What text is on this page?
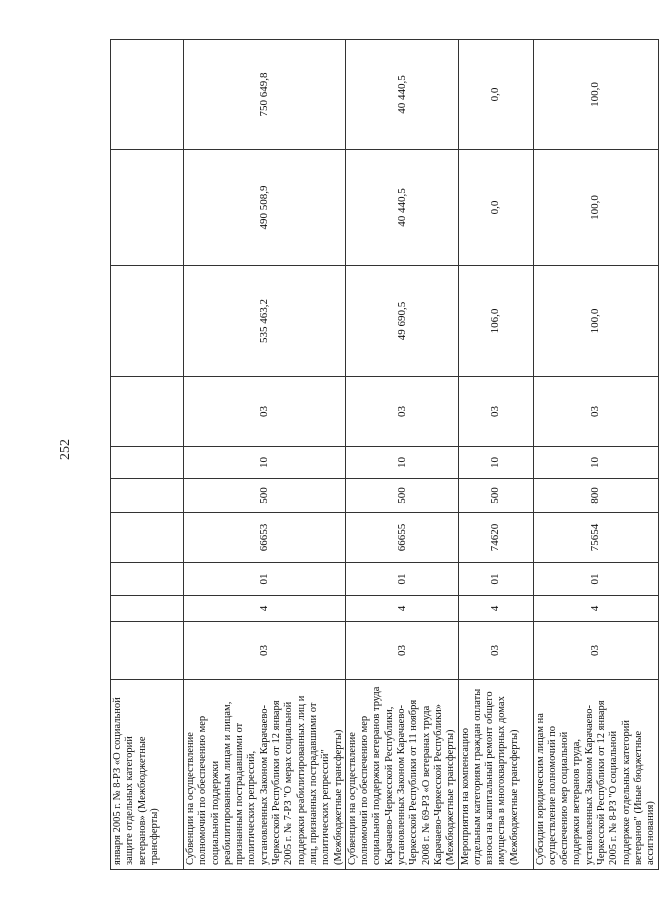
252
января 2005 г. № 8-РЗ «О социальной защите отдельных категорий ветеранов» (Межбюджетные трансферты)										

Субвенции на осуществление полномочий по обеспечению мер социальной поддержки реабилитированным лицам и лицам, признанным пострадавшими от политических репрессий, установленных Законом Карачаево-Черкесской Республики от 12 января 2005 г. № 7-РЗ "О мерах социальной поддержки реабилитированных лиц и лиц, признанных пострадавшими от политических репрессий" (Межбюджетные трансферты)	03	4	01	66653	500	10	03	535 463,2	490 508,9	750 649,8

Субвенции на осуществление полномочий по обеспечению мер социальной поддержки ветеранов труда Карачаево-Черкесской Республики, установленных Законом Карачаево-Черкесской Республики от 11 ноября 2008 г. № 69-РЗ «О ветеранах труда Карачаево-Черкесской Республики» (Межбюджетные трансферты)	03	4	01	66655	500	10	03	49 690,5	40 440,5	40 440,5

Мероприятия на компенсацию отдельным категориям граждан оплаты взноса на капитальный ремонт общего имущества в многоквартирных домах (Межбюджетные трансферты)	03	4	01	74620	500	10	03	106,0	0,0	0,0

Субсидии юридическим лицам на осуществление полномочий по обеспечению мер социальной поддержки ветеранов труда, установленных Законом Карачаево-Черкесской Республики от 12 января 2005 г. № 8-РЗ "О социальной поддержке отдельных категорий ветеранов" (Иные бюджетные ассигнования)	03	4	01	75654	800	10	03	100,0	100,0	100,0
